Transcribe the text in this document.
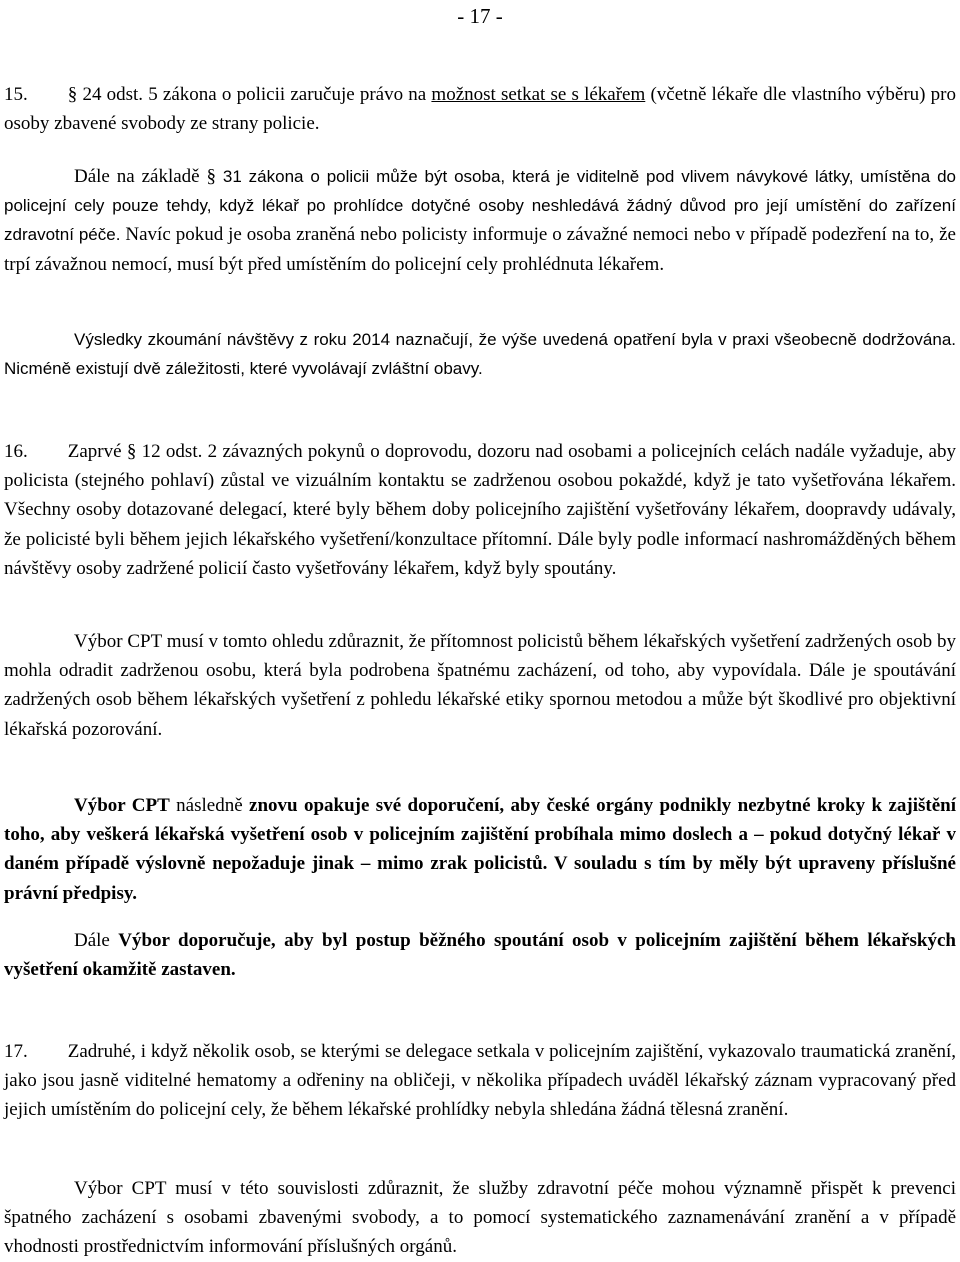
- 17 -

15. § 24 odst. 5 zákona o policii zaručuje právo na možnost setkat se s lékařem (včetně lékaře dle vlastního výběru) pro osoby zbavené svobody ze strany policie.

Dále na základě § 31 zákona o policii může být osoba, která je viditelně pod vlivem návykové látky, umístěna do policejní cely pouze tehdy, když lékař po prohlídce dotyčné osoby neshledává žádný důvod pro její umístění do zařízení zdravotní péče. Navíc pokud je osoba zraněná nebo policisty informuje o závažné nemoci nebo v případě podezření na to, že trpí závažnou nemocí, musí být před umístěním do policejní cely prohlédnuta lékařem.

Výsledky zkoumání návštěvy z roku 2014 naznačují, že výše uvedená opatření byla v praxi všeobecně dodržována. Nicméně existují dvě záležitosti, které vyvolávají zvláštní obavy.

16. Zaprvé § 12 odst. 2 závazných pokynů o doprovodu, dozoru nad osobami a policejních celách nadále vyžaduje, aby policista (stejného pohlaví) zůstal ve vizuálním kontaktu se zadrženou osobou pokaždé, když je tato vyšetřována lékařem. Všechny osoby dotazované delegací, které byly během doby policejního zajištění vyšetřovány lékařem, doopravdy udávaly, že policisté byli během jejich lékařského vyšetření/konzultace přítomní. Dále byly podle informací nashromážděných během návštěvy osoby zadržené policií často vyšetřovány lékařem, když byly spoutány.

Výbor CPT musí v tomto ohledu zdůraznit, že přítomnost policistů během lékařských vyšetření zadržených osob by mohla odradit zadrženou osobu, která byla podrobena špatnému zacházení, od toho, aby vypovídala. Dále je spoutávání zadržených osob během lékařských vyšetření z pohledu lékařské etiky spornou metodou a může být škodlivé pro objektivní lékařská pozorování.

Výbor CPT následně znovu opakuje své doporučení, aby české orgány podnikly nezbytné kroky k zajištění toho, aby veškerá lékařská vyšetření osob v policejním zajištění probíhala mimo doslech a – pokud dotyčný lékař v daném případě výslovně nepožaduje jinak – mimo zrak policistů. V souladu s tím by měly být upraveny příslušné právní předpisy.

Dále Výbor doporučuje, aby byl postup běžného spoutání osob v policejním zajištění během lékařských vyšetření okamžitě zastaven.

17. Zadruhé, i když několik osob, se kterými se delegace setkala v policejním zajištění, vykazovalo traumatická zranění, jako jsou jasně viditelné hematomy a odřeniny na obličeji, v několika případech uváděl lékařský záznam vypracovaný před jejich umístěním do policejní cely, že během lékařské prohlídky nebyla shledána žádná tělesná zranění.

Výbor CPT musí v této souvislosti zdůraznit, že služby zdravotní péče mohou významně přispět k prevenci špatného zacházení s osobami zbavenými svobody, a to pomocí systematického zaznamenávání zranění a v případě vhodnosti prostřednictvím informování příslušných orgánů.
